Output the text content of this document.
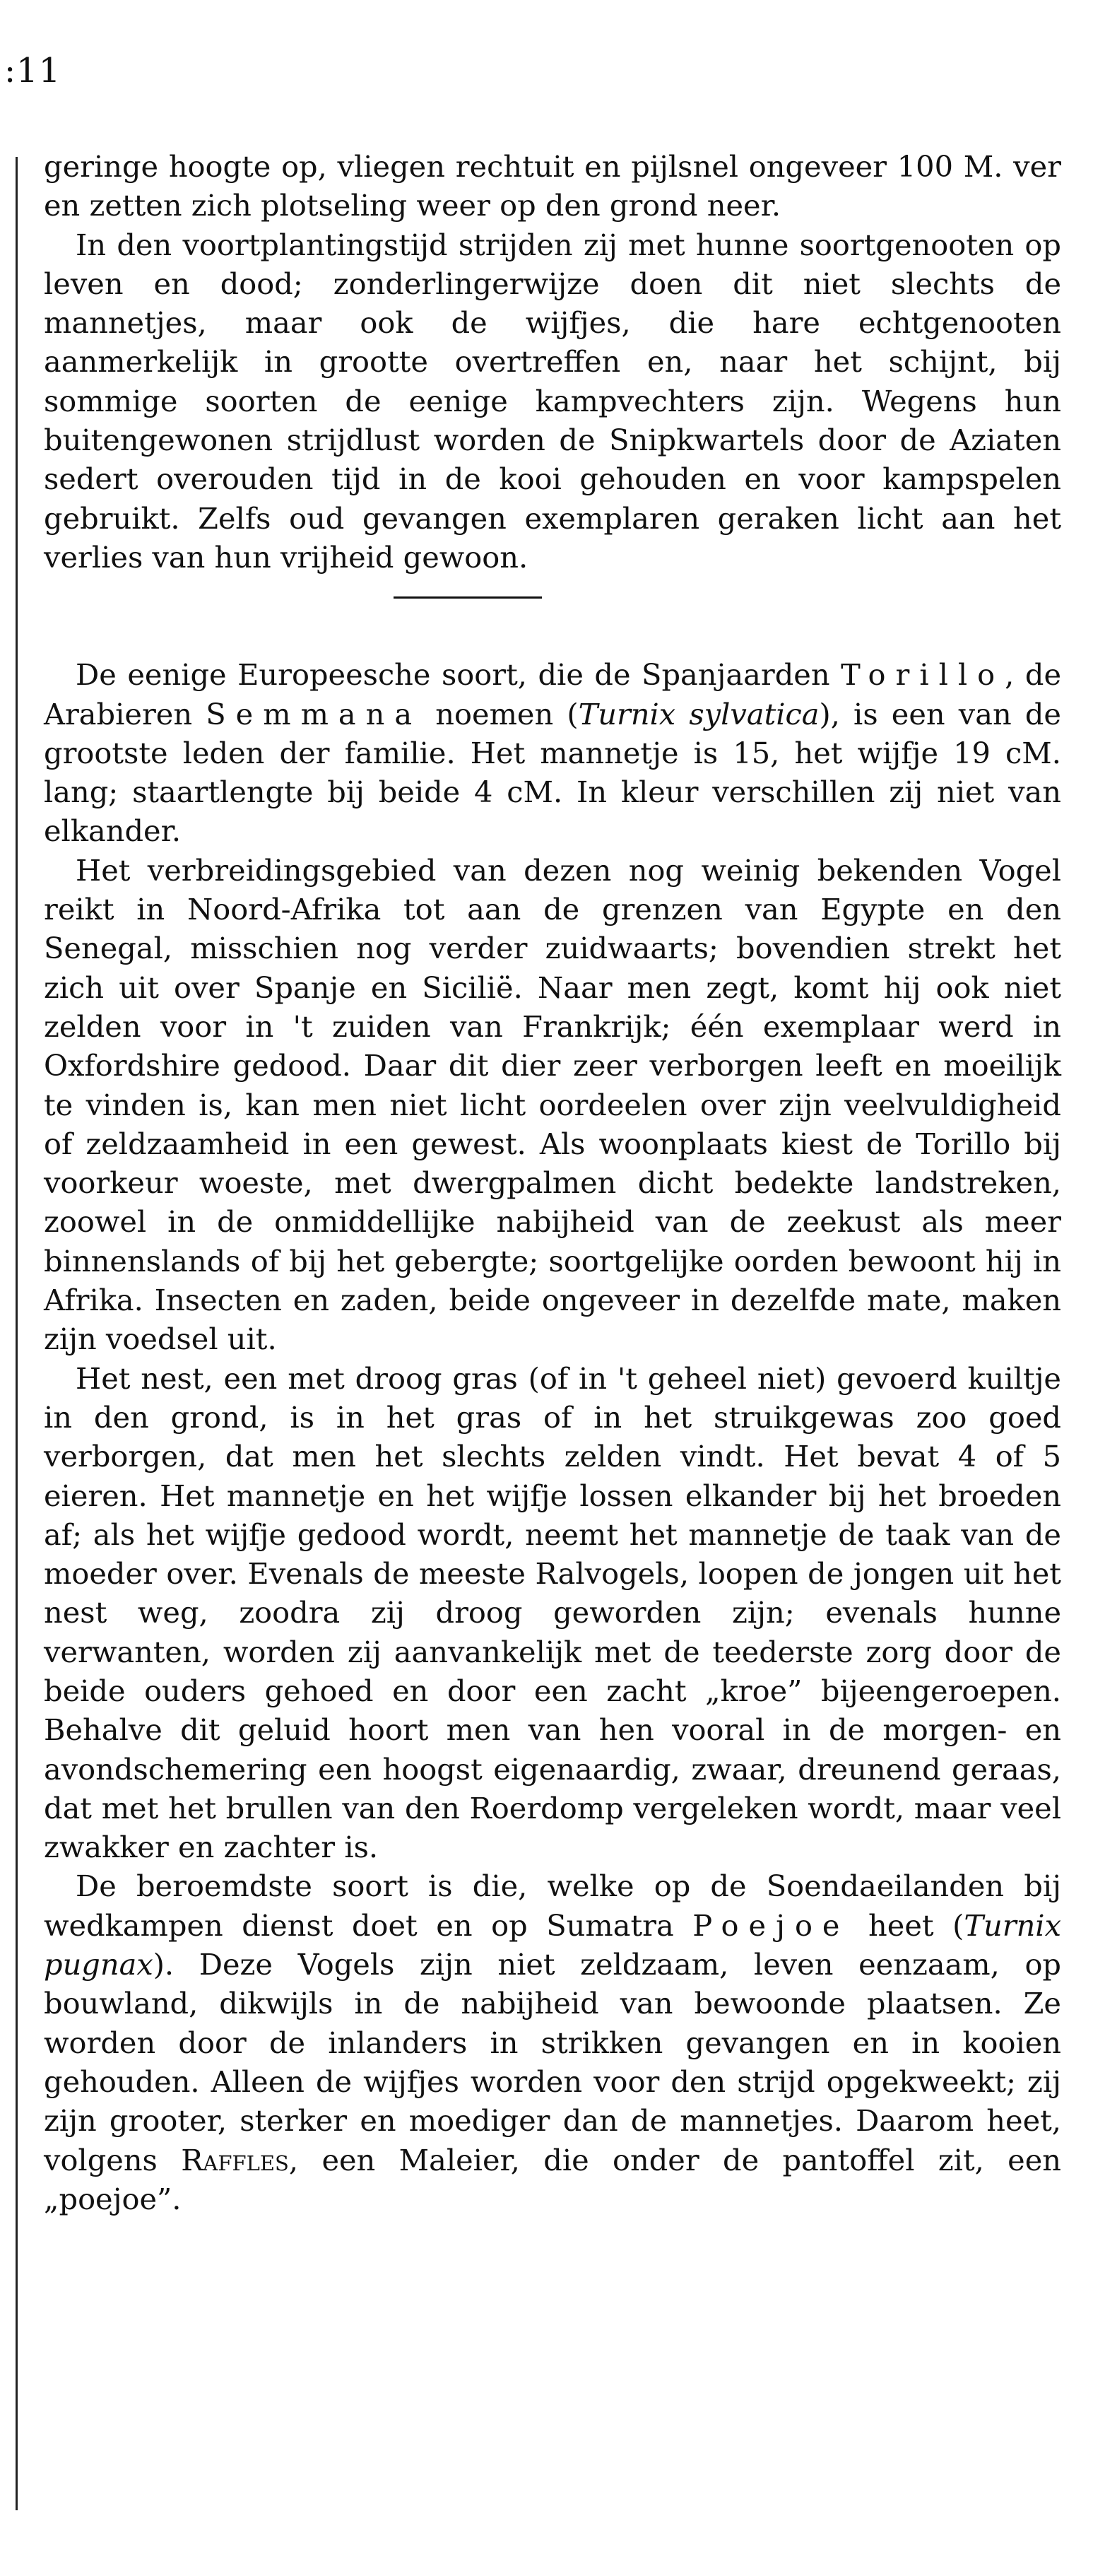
:11

geringe hoogte op, vliegen rechtuit en pijlsnel ongeveer 100 M. ver en zetten zich plotseling weer op den grond neer.

In den voortplantingstijd strijden zij met hunne soortgenooten op leven en dood; zonderlingerwijze doen dit niet slechts de mannetjes, maar ook de wijfjes, die hare echtgenooten aanmerkelijk in grootte overtreffen en, naar het schijnt, bij sommige soorten de eenige kampvechters zijn. Wegens hun buitengewonen strijdlust worden de Snipkwartels door de Aziaten sedert overouden tijd in de kooi gehouden en voor kampspelen gebruikt. Zelfs oud gevangen exemplaren geraken licht aan het verlies van hun vrijheid gewoon.

De eenige Europeesche soort, die de Spanjaarden Torillo, de Arabieren Semmana noemen (Turnix sylvatica), is een van de grootste leden der familie. Het mannetje is 15, het wijfje 19 cM. lang; staartlengte bij beide 4 cM. In kleur verschillen zij niet van elkander.

Het verbreidingsgebied van dezen nog weinig bekenden Vogel reikt in Noord-Afrika tot aan de grenzen van Egypte en den Senegal, misschien nog verder zuidwaarts; bovendien strekt het zich uit over Spanje en Sicilië. Naar men zegt, komt hij ook niet zelden voor in 't zuiden van Frankrijk; één exemplaar werd in Oxfordshire gedood. Daar dit dier zeer verborgen leeft en moeilijk te vinden is, kan men niet licht oordeelen over zijn veelvuldigheid of zeldzaamheid in een gewest. Als woonplaats kiest de Torillo bij voorkeur woeste, met dwergpalmen dicht bedekte landstreken, zoowel in de onmiddellijke nabijheid van de zeekust als meer binnenslands of bij het gebergte; soortgelijke oorden bewoont hij in Afrika. Insecten en zaden, beide ongeveer in dezelfde mate, maken zijn voedsel uit.

Het nest, een met droog gras (of in 't geheel niet) gevoerd kuiltje in den grond, is in het gras of in het struikgewas zoo goed verborgen, dat men het slechts zelden vindt. Het bevat 4 of 5 eieren. Het mannetje en het wijfje lossen elkander bij het broeden af; als het wijfje gedood wordt, neemt het mannetje de taak van de moeder over. Evenals de meeste Ralvogels, loopen de jongen uit het nest weg, zoodra zij droog geworden zijn; evenals hunne verwanten, worden zij aanvankelijk met de teederste zorg door de beide ouders gehoed en door een zacht „kroe” bijeengeroepen. Behalve dit geluid hoort men van hen vooral in de morgen- en avondschemering een hoogst eigenaardig, zwaar, dreunend geraas, dat met het brullen van den Roerdomp vergeleken wordt, maar veel zwakker en zachter is.

De beroemdste soort is die, welke op de Soendaeilanden bij wedkampen dienst doet en op Sumatra Poejoe heet (Turnix pugnax). Deze Vogels zijn niet zeldzaam, leven eenzaam, op bouwland, dikwijls in de nabijheid van bewoonde plaatsen. Ze worden door de inlanders in strikken gevangen en in kooien gehouden. Alleen de wijfjes worden voor den strijd opgekweekt; zij zijn grooter, sterker en moediger dan de mannetjes. Daarom heet, volgens Raffles, een Maleier, die onder de pantoffel zit, een „poejoe”.
